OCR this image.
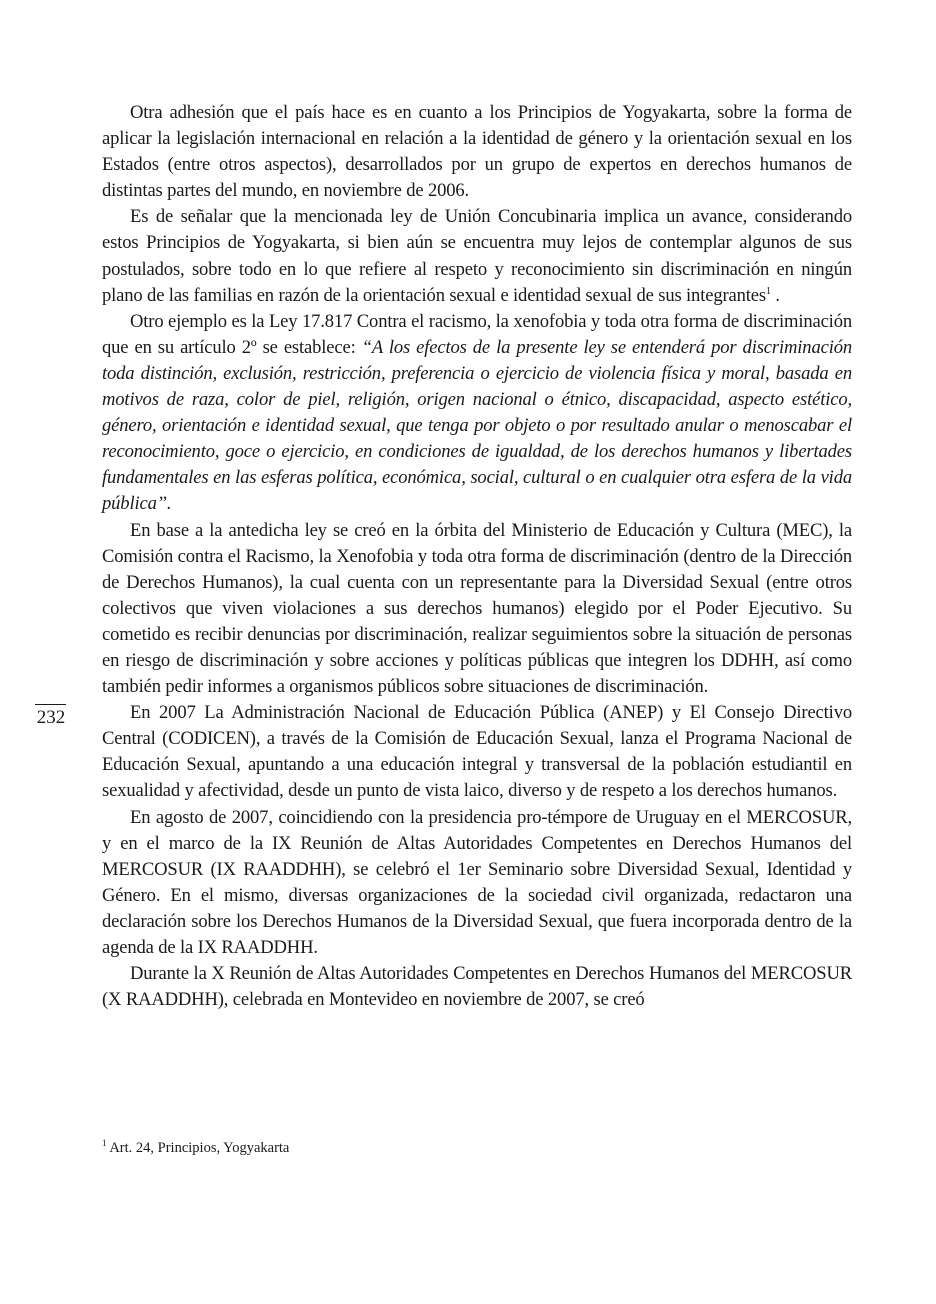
Otra adhesión que el país hace es en cuanto a los Principios de Yogyakarta, sobre la forma de aplicar la legislación internacional en relación a la identidad de género y la orientación sexual en los Estados (entre otros aspectos), desarrollados por un grupo de expertos en derechos humanos de distintas partes del mundo, en noviembre de 2006.

Es de señalar que la mencionada ley de Unión Concubinaria implica un avance, considerando estos Principios de Yogyakarta, si bien aún se encuentra muy lejos de contemplar algunos de sus postulados, sobre todo en lo que refiere al respeto y reconocimiento sin discriminación en ningún plano de las familias en razón de la orientación sexual e identidad sexual de sus integrantes$^1$ .

Otro ejemplo es la Ley 17.817 Contra el racismo, la xenofobia y toda otra forma de discriminación que en su artículo 2º se establece: “A los efectos de la presente ley se entenderá por discriminación toda distinción, exclusión, restricción, preferencia o ejercicio de violencia física y moral, basada en motivos de raza, color de piel, religión, origen nacional o étnico, discapacidad, aspecto estético, género, orientación e identidad sexual, que tenga por objeto o por resultado anular o menoscabar el reconocimiento, goce o ejercicio, en condiciones de igualdad, de los derechos humanos y libertades fundamentales en las esferas política, económica, social, cultural o en cualquier otra esfera de la vida pública”.

En base a la antedicha ley se creó en la órbita del Ministerio de Educación y Cultura (MEC), la Comisión contra el Racismo, la Xenofobia y toda otra forma de discriminación (dentro de la Dirección de Derechos Humanos), la cual cuenta con un representante para la Diversidad Sexual (entre otros colectivos que viven violaciones a sus derechos humanos) elegido por el Poder Ejecutivo. Su cometido es recibir denuncias por discriminación, realizar seguimientos sobre la situación de personas en riesgo de discriminación y sobre acciones y políticas públicas que integren los DDHH, así como también pedir informes a organismos públicos sobre situaciones de discriminación.

En 2007 La Administración Nacional de Educación Pública (ANEP) y El Consejo Directivo Central (CODICEN), a través de la Comisión de Educación Sexual, lanza el Programa Nacional de Educación Sexual, apuntando a una educación integral y transversal de la población estudiantil en sexualidad y afectividad, desde un punto de vista laico, diverso y de respeto a los derechos humanos.

En agosto de 2007, coincidiendo con la presidencia pro-témpore de Uruguay en el MERCOSUR, y en el marco de la IX Reunión de Altas Autoridades Competentes en Derechos Humanos del MERCOSUR (IX RAADDHH), se celebró el 1er Seminario sobre Diversidad Sexual, Identidad y Género. En el mismo, diversas organizaciones de la sociedad civil organizada, redactaron una declaración sobre los Derechos Humanos de la Diversidad Sexual, que fuera incorporada dentro de la agenda de la IX RAADDHH.

Durante la X Reunión de Altas Autoridades Competentes en Derechos Humanos del MERCOSUR (X RAADDHH), celebrada en Montevideo en noviembre de 2007, se creó

232
$^1$ Art. 24, Principios, Yogyakarta
